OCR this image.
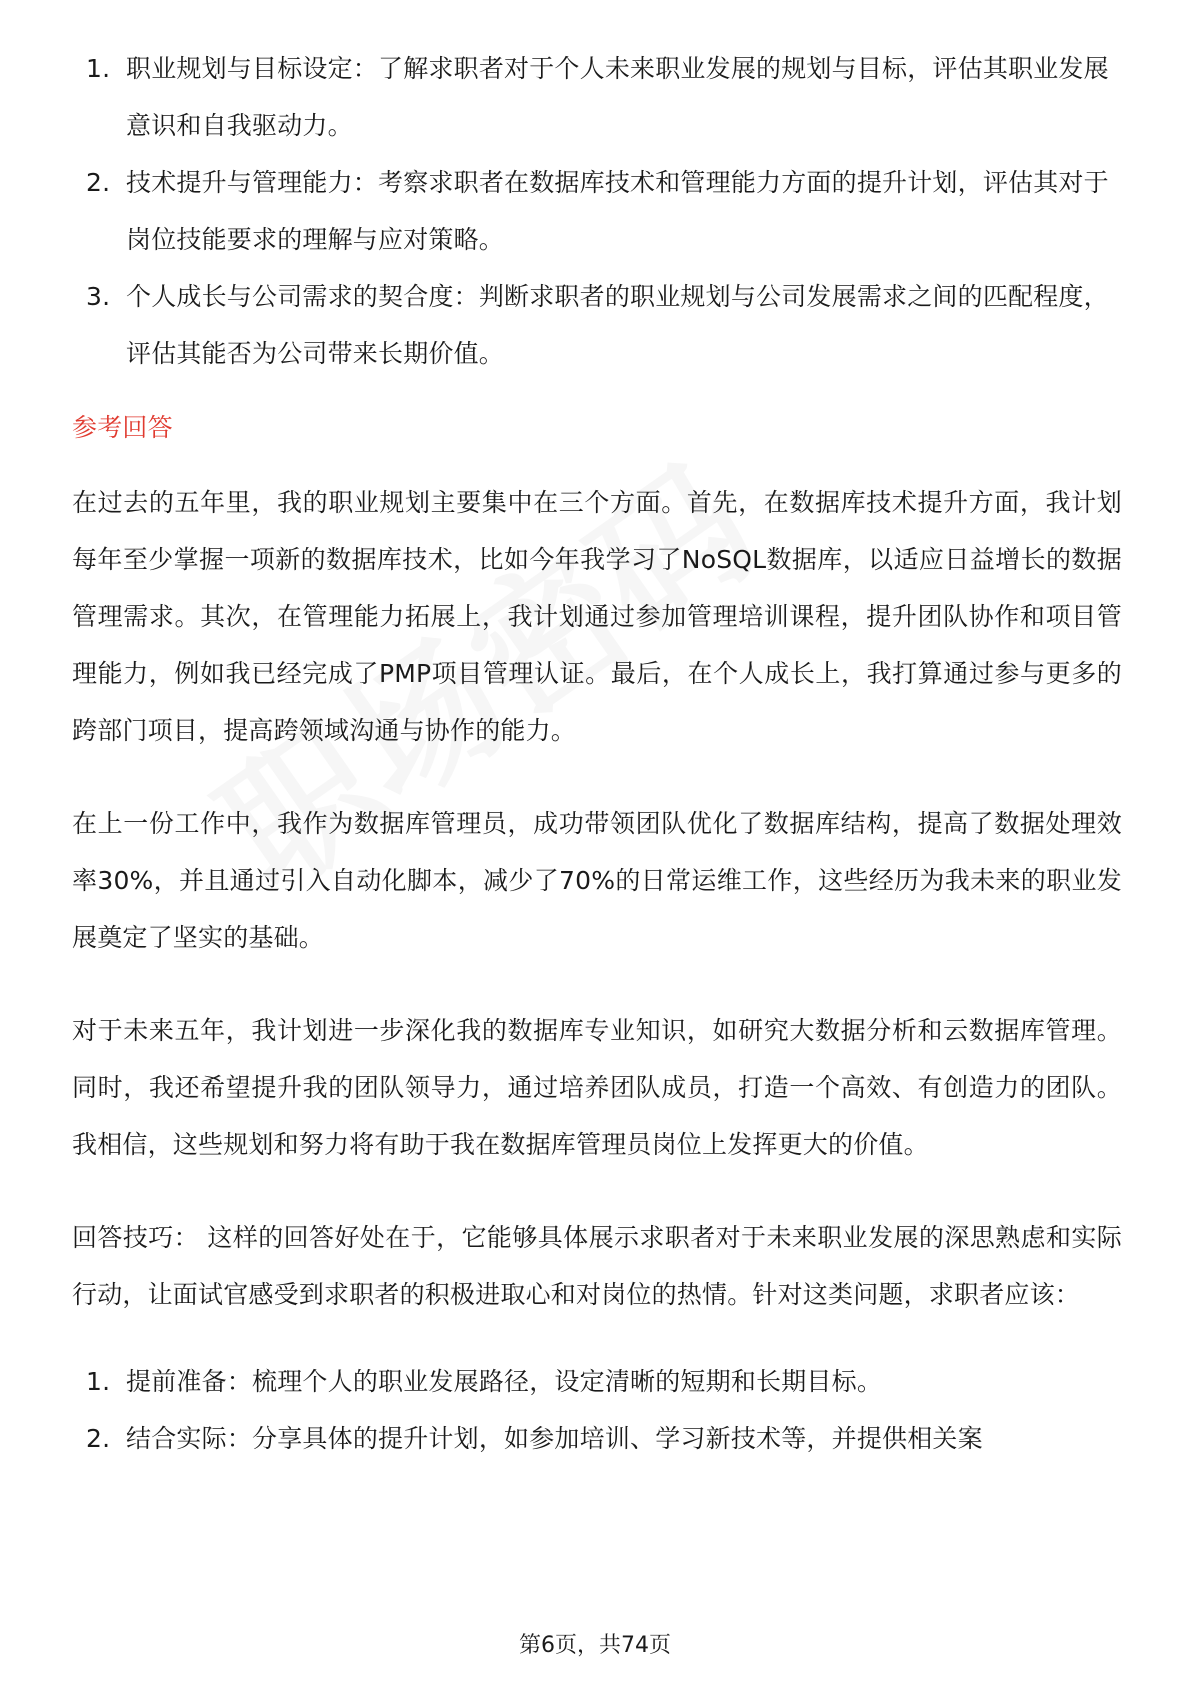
1. 职业规划与目标设定：了解求职者对于个人未来职业发展的规划与目标，评估其职业发展意识和自我驱动力。
2. 技术提升与管理能力：考察求职者在数据库技术和管理能力方面的提升计划，评估其对于岗位技能要求的理解与应对策略。
3. 个人成长与公司需求的契合度：判断求职者的职业规划与公司发展需求之间的匹配程度，评估其能否为公司带来长期价值。
参考回答

在过去的五年里，我的职业规划主要集中在三个方面。首先，在数据库技术提升方面，我计划每年至少掌握一项新的数据库技术，比如今年我学习了NoSQL数据库，以适应日益增长的数据管理需求。其次，在管理能力拓展上，我计划通过参加管理培训课程，提升团队协作和项目管理能力，例如我已经完成了PMP项目管理认证。最后，在个人成长上，我打算通过参与更多的跨部门项目，提高跨领域沟通与协作的能力。

在上一份工作中，我作为数据库管理员，成功带领团队优化了数据库结构，提高了数据处理效率30%，并且通过引入自动化脚本，减少了70%的日常运维工作，这些经历为我未来的职业发展奠定了坚实的基础。

对于未来五年，我计划进一步深化我的数据库专业知识，如研究大数据分析和云数据库管理。同时，我还希望提升我的团队领导力，通过培养团队成员，打造一个高效、有创造力的团队。我相信，这些规划和努力将有助于我在数据库管理员岗位上发挥更大的价值。

回答技巧： 这样的回答好处在于，它能够具体展示求职者对于未来职业发展的深思熟虑和实际行动，让面试官感受到求职者的积极进取心和对岗位的热情。针对这类问题，求职者应该：

1. 提前准备：梳理个人的职业发展路径，设定清晰的短期和长期目标。
2. 结合实际：分享具体的提升计划，如参加培训、学习新技术等，并提供相关案
第6页，共74页
